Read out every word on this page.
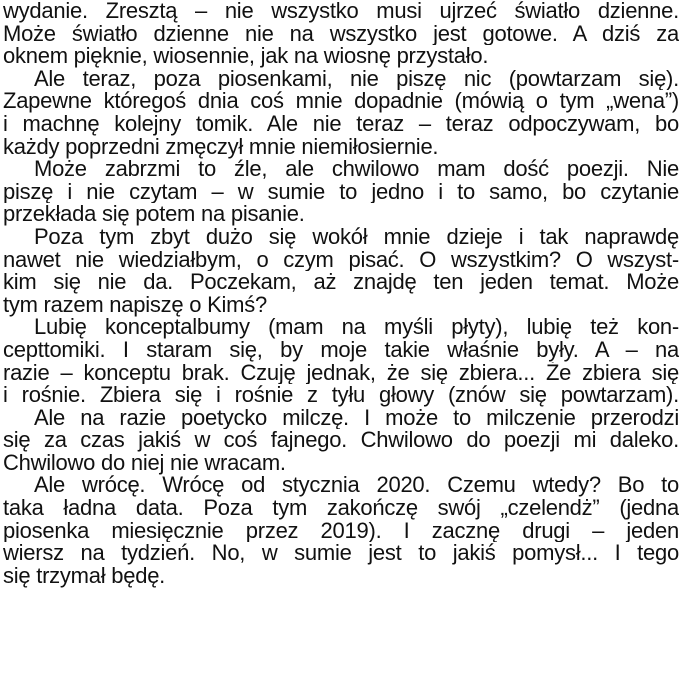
wydanie. Zresztą – nie wszystko musi ujrzeć światło dzienne.
Może światło dzienne nie na wszystko jest gotowe. A dziś za
oknem pięknie, wiosennie, jak na wiosnę przystało.
Ale teraz, poza piosenkami, nie piszę nic (powtarzam się).
Zapewne któregoś dnia coś mnie dopadnie (mówią o tym „wena”)
i machnę kolejny tomik. Ale nie teraz – teraz odpoczywam, bo
każdy poprzedni zmęczył mnie niemiłosiernie.
Może zabrzmi to źle, ale chwilowo mam dość poezji. Nie
piszę i nie czytam – w sumie to jedno i to samo, bo czytanie
przekłada się potem na pisanie.
Poza tym zbyt dużo się wokół mnie dzieje i tak naprawdę
nawet nie wiedziałbym, o czym pisać. O wszystkim? O wszyst-
kim się nie da. Poczekam, aż znajdę ten jeden temat. Może
tym razem napiszę o Kimś?
Lubię konceptalbumy (mam na myśli płyty), lubię też kon-
cepttomiki. I staram się, by moje takie właśnie były. A – na
razie – konceptu brak. Czuję jednak, że się zbiera... Że zbiera się
i rośnie. Zbiera się i rośnie z tyłu głowy (znów się powtarzam).
Ale na razie poetycko milczę. I może to milczenie przerodzi
się za czas jakiś w coś fajnego. Chwilowo do poezji mi daleko.
Chwilowo do niej nie wracam.
Ale wrócę. Wrócę od stycznia 2020. Czemu wtedy? Bo to
taka ładna data. Poza tym zakończę swój „czelendż” (jedna
piosenka miesięcznie przez 2019). I zacznę drugi – jeden
wiersz na tydzień. No, w sumie jest to jakiś pomysł... I tego
się trzymał będę.
